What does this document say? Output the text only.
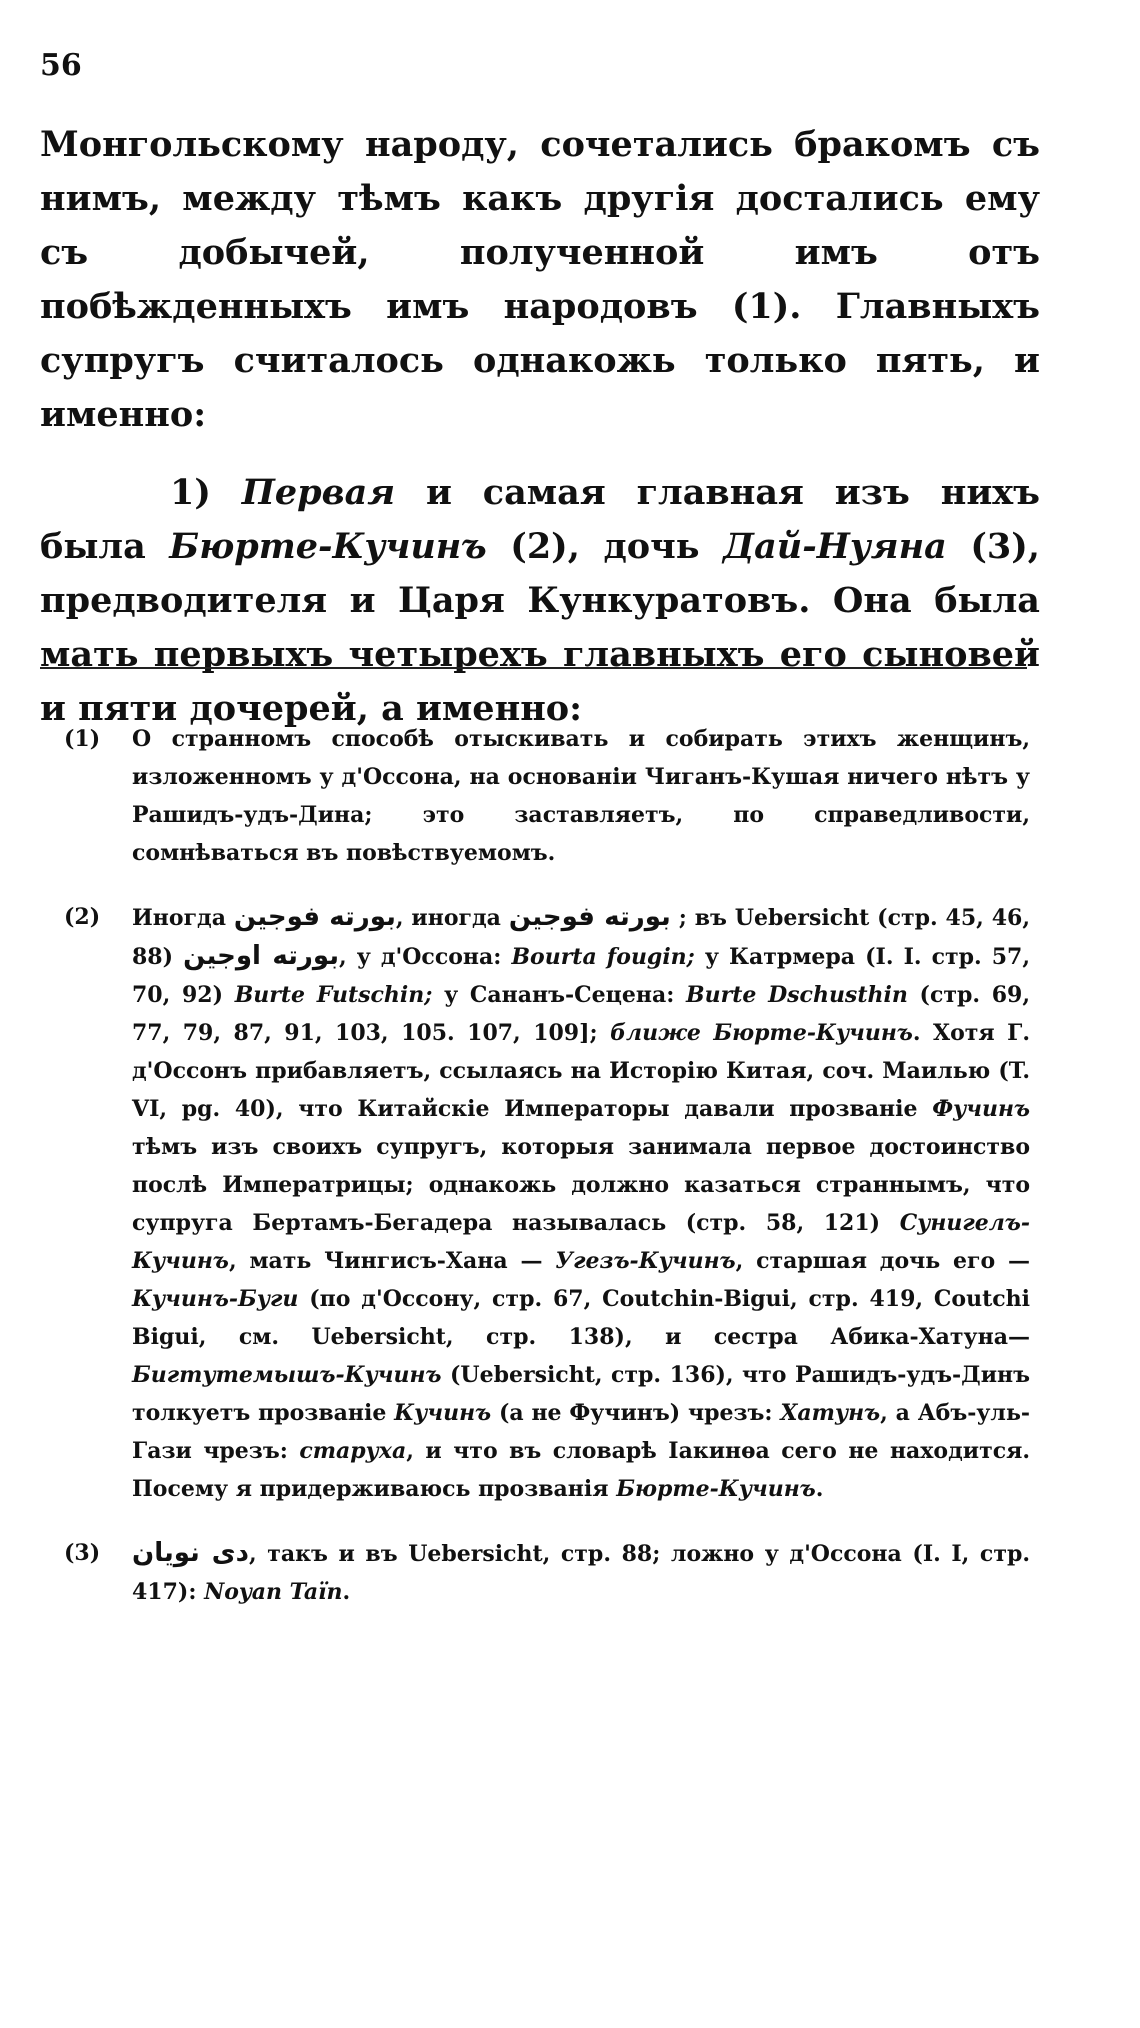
56

Монгольскому народу, сочетались бракомъ съ нимъ, между тѣмъ какъ другія достались ему съ добычей, полученной имъ отъ побѣжденныхъ имъ народовъ (1). Главныхъ супругъ считалось однакожь только пять, и именно:

1) Первая и самая главная изъ нихъ была Бюрте-Кучинъ (2), дочь Дай-Нуяна (3), предводителя и Царя Кункуратовъ. Она была мать первыхъ четырехъ главныхъ его сыновей и пяти дочерей, а именно:

(1) О странномъ способѣ отыскивать и собирать этихъ женщинъ, изложенномъ у д'Оссона, на основаніи Чиганъ-Кушая ничего нѣтъ у Рашидъ-удъ-Дина; это заставляетъ, по справедливости, сомнѣваться въ повѣствуемомъ.

(2) Иногда بورته فوجين, иногда بورته فوجين ; въ Uebersicht (стр. 45, 46, 88) بورته اوجين, у д'Оссона: Bourta fougin; у Катрмера (I. I. стр. 57, 70, 92) Burte Futschin; у Сананъ-Сецена: Burte Dschusthin (стр. 69, 77, 79, 87, 91, 103, 105. 107, 109]; ближе Бюрте-Кучинъ. Хотя Г. д'Оссонъ прибавляетъ, ссылаясь на Исторію Китая, соч. Маилью (T. VI, pg. 40), что Китайскіе Императоры давали прозваніе Фучинъ тѣмъ изъ своихъ супругъ, которыя занимала первое достоинство послѣ Императрицы; однакожь должно казаться страннымъ, что супруга Бертамъ-Бегадера называлась (стр. 58, 121) Сунигелъ-Кучинъ, мать Чингисъ-Хана — Угезъ-Кучинъ, старшая дочь его — Кучинъ-Буги (по д'Оссону, стр. 67, Coutchin-Bigui, стр. 419, Coutchi Bigui, см. Uebersicht, стр. 138), и сестра Абика-Хатуна— Бигтутемышъ-Кучинъ (Uebersicht, стр. 136), что Рашидъ-удъ-Динъ толкуетъ прозваніе Кучинъ (а не Фучинъ) чрезъ: Хатунъ, а Абъ-уль-Гази чрезъ: старуха, и что въ словарѣ Іакинѳа сего не находится. Посему я придерживаюсь прозванія Бюрте-Кучинъ.

(3) دى نويان, такъ и въ Uebersicht, стр. 88; ложно у д'Оссона (I. I, стр. 417): Noyan Taïn.
